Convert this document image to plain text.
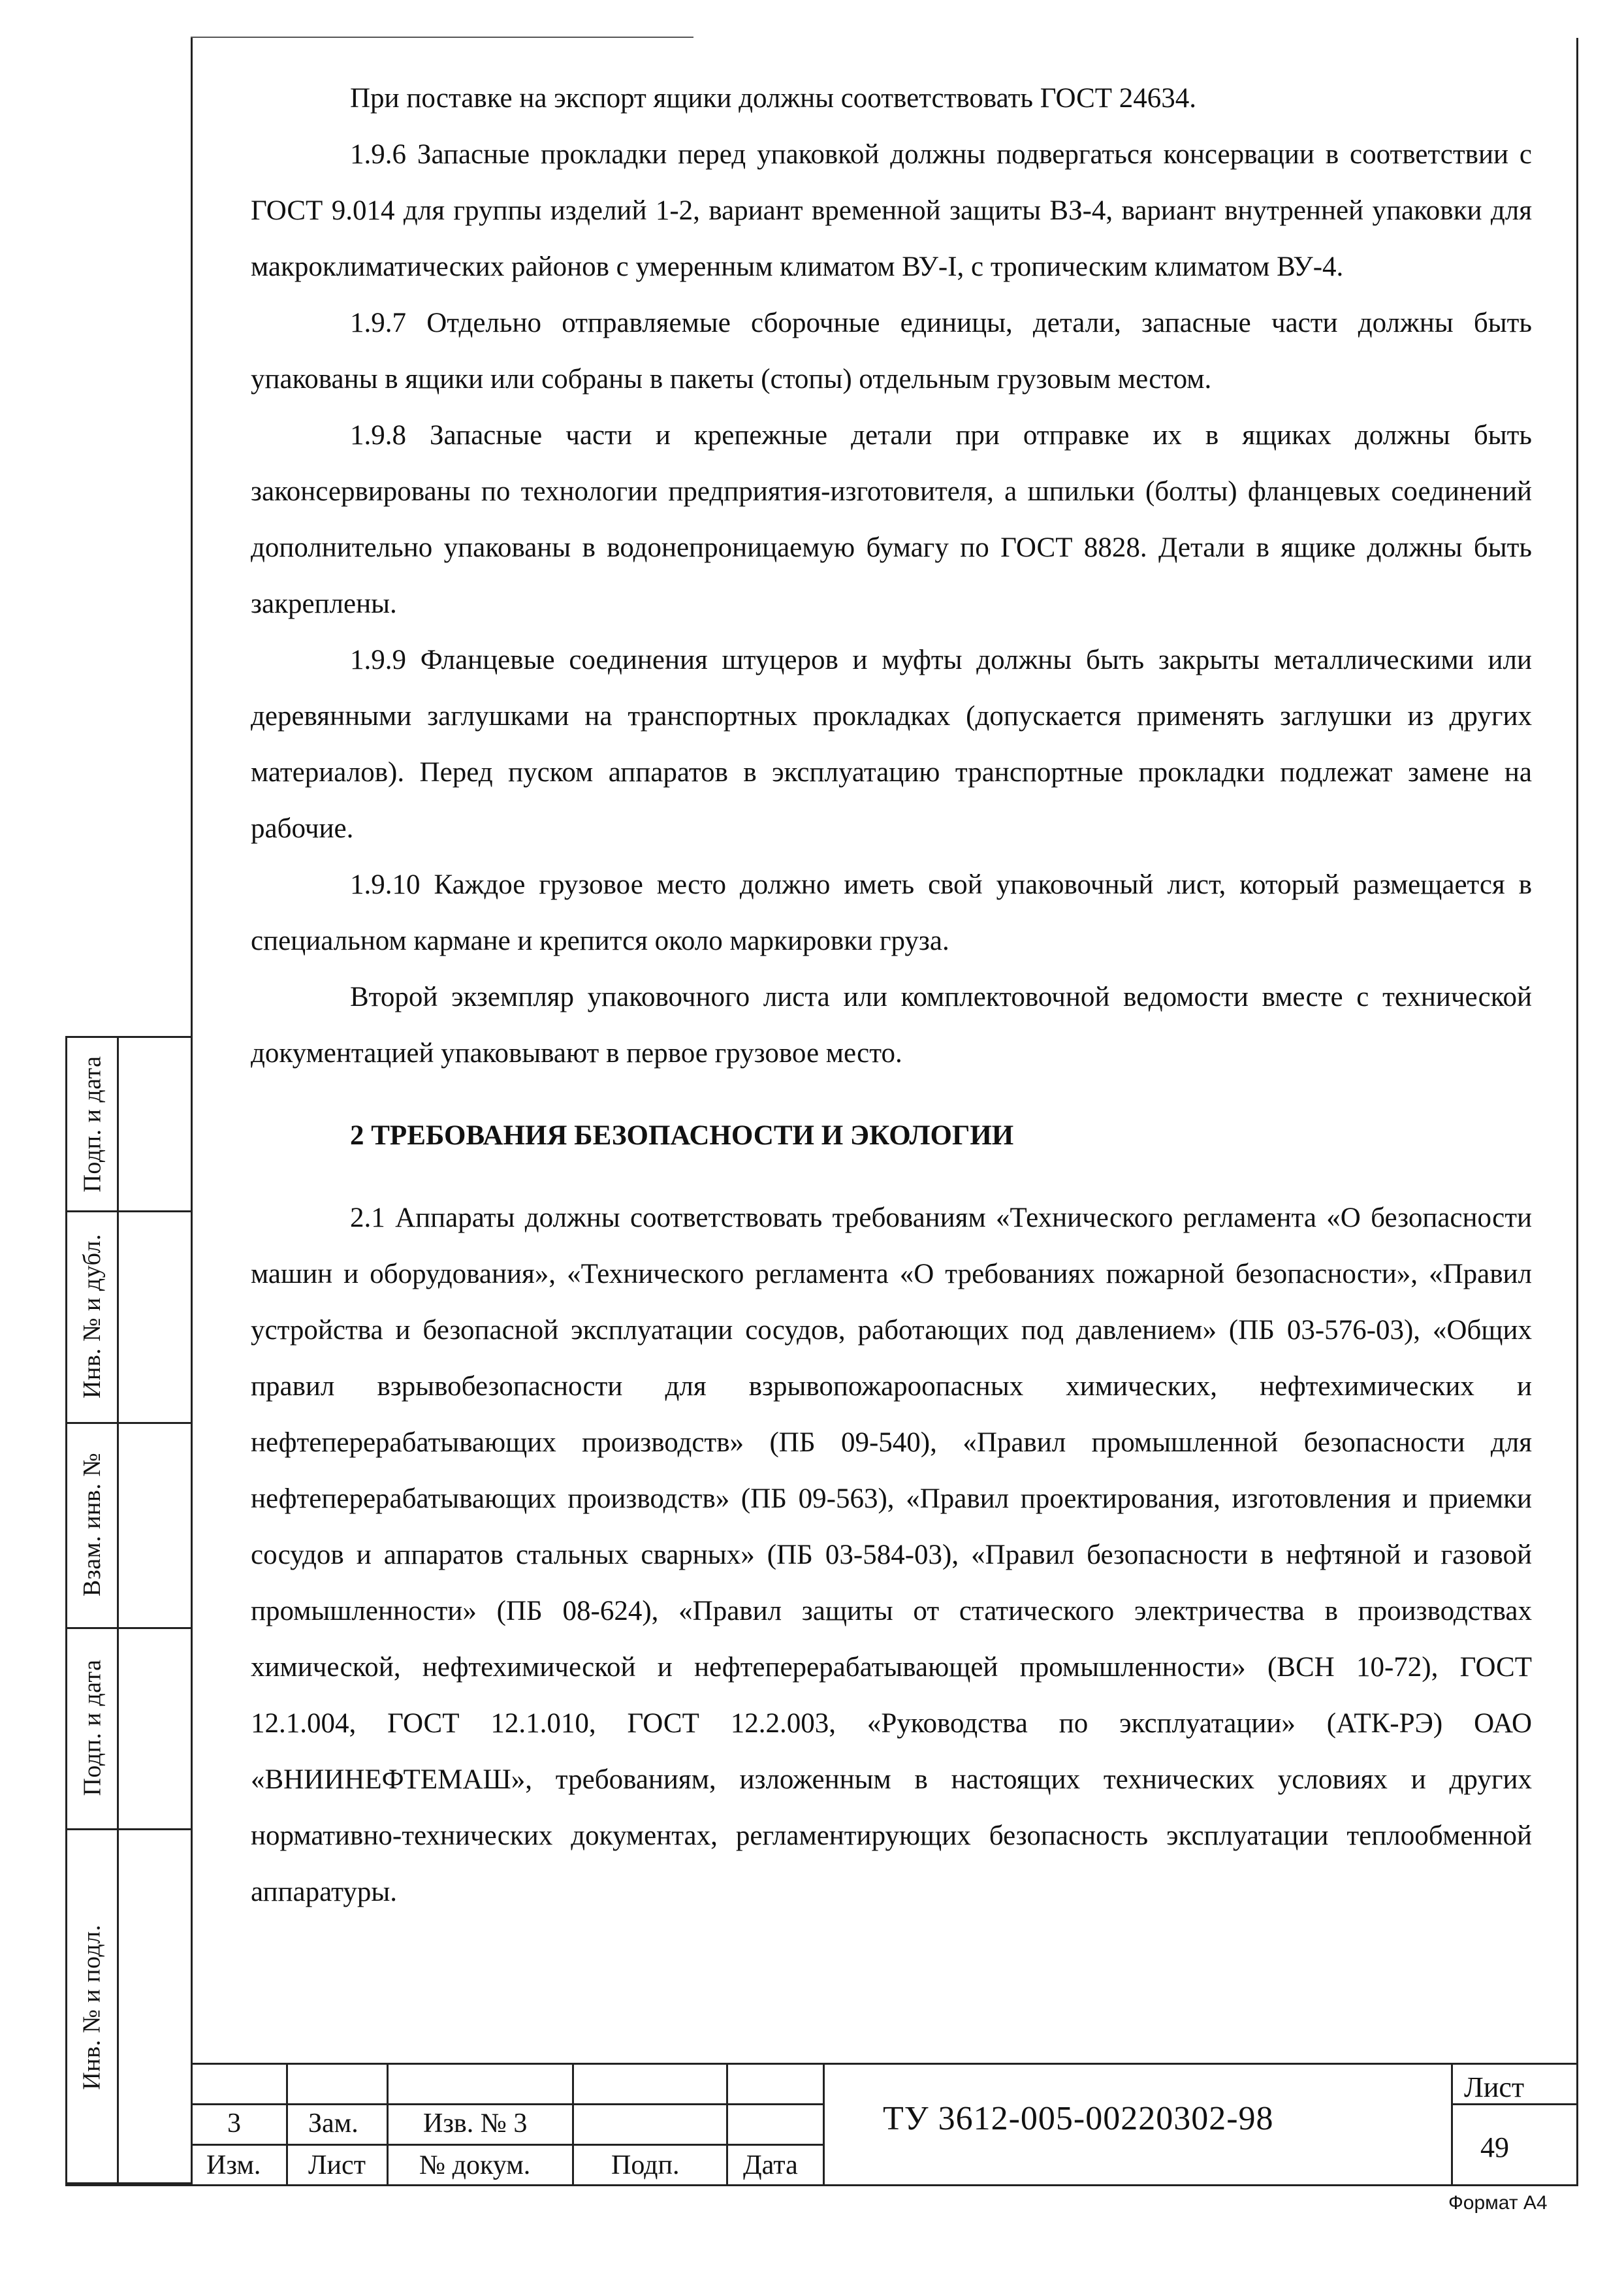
Подп. и дата
Инв. № и дубл.
Взам. инв. №
Подп. и дата
Инв. № и подл.

При поставке на экспорт ящики должны соответствовать ГОСТ 24634.

1.9.6 Запасные прокладки перед упаковкой должны подвергаться консервации в соответствии с ГОСТ 9.014 для группы изделий 1-2, вариант временной защиты ВЗ-4, вариант внутренней упаковки для макроклиматических районов с умеренным климатом ВУ-I, с тропическим климатом ВУ-4.

1.9.7 Отдельно отправляемые сборочные единицы, детали, запасные части должны быть упакованы в ящики или собраны в пакеты (стопы) отдельным грузовым местом.

1.9.8 Запасные части и крепежные детали при отправке их в ящиках должны быть законсервированы по технологии предприятия-изготовителя, а шпильки (болты) фланцевых соединений дополнительно упакованы в водонепроницаемую бумагу по ГОСТ 8828. Детали в ящике должны быть закреплены.

1.9.9 Фланцевые соединения штуцеров и муфты должны быть закрыты металлическими или деревянными заглушками на транспортных прокладках (допускается применять заглушки из других материалов). Перед пуском аппаратов в эксплуатацию транспортные прокладки подлежат замене на рабочие.

1.9.10 Каждое грузовое место должно иметь свой упаковочный лист, который размещается в специальном кармане и крепится около маркировки груза.

Второй экземпляр упаковочного листа или комплектовочной ведомости вместе с технической документацией упаковывают в первое грузовое место.

2 ТРЕБОВАНИЯ БЕЗОПАСНОСТИ И ЭКОЛОГИИ

2.1 Аппараты должны соответствовать требованиям «Технического регламента «О безопасности машин и оборудования», «Технического регламента «О требованиях пожарной безопасности», «Правил устройства и безопасной эксплуатации сосудов, работающих под давлением» (ПБ 03-576-03), «Общих правил взрывобезопасности для взрывопожароопасных химических, нефтехимических и нефтеперерабатывающих производств» (ПБ 09-540), «Правил промышленной безопасности для нефтеперерабатывающих производств» (ПБ 09-563), «Правил проектирования, изготовления и приемки сосудов и аппаратов стальных сварных» (ПБ 03-584-03), «Правил безопасности в нефтяной и газовой промышленности» (ПБ 08-624), «Правил защиты от статического электричества в производствах химической, нефтехимической и нефтеперерабатывающей промышленности» (ВСН 10-72), ГОСТ 12.1.004, ГОСТ 12.1.010, ГОСТ 12.2.003, «Руководства по эксплуатации» (АТК-РЭ) ОАО «ВНИИНЕФТЕМАШ», требованиям, изложенным в настоящих технических условиях и других нормативно-технических документах, регламентирующих безопасность эксплуатации теплообменной аппаратуры.

3 Зам. Изв. № 3
Изм. Лист № докум.	Подп. Дата
ТУ 3612-005-00220302-98
Лист
49
Формат А4
